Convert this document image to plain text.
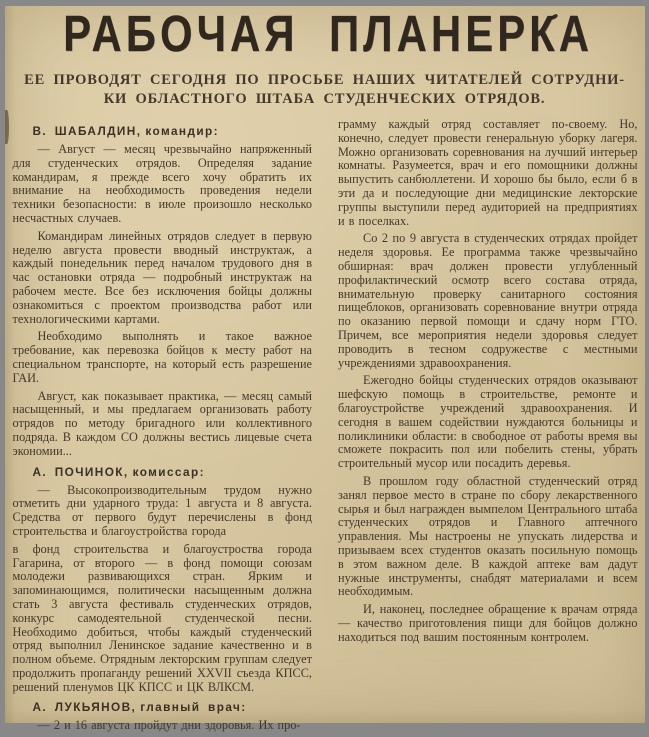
РАБОЧАЯ ПЛАНЕРКА
ЕЕ ПРОВОДЯТ СЕГОДНЯ ПО ПРОСЬБЕ НАШИХ ЧИТАТЕЛЕЙ СОТРУДНИ-
КИ ОБЛАСТНОГО ШТАБА СТУДЕНЧЕСКИХ ОТРЯДОВ.

В. ШАБАЛДИН, командир:

— Август — месяц чрезвычайно напряженный для студенческих отрядов. Определяя задание командирам, я прежде всего хочу обратить их внимание на необходимость проведения недели техники безопасности: в июле произошло несколько несчастных случаев.

Командирам линейных отрядов следует в первую неделю августа провести вводный инструктаж, а каждый понедельник перед началом трудового дня в час остановки отряда — подробный инструктаж на рабочем месте. Все без исключения бойцы должны ознакомиться с проектом производства работ или технологическими картами.

Необходимо выполнять и такое важное требование, как перевозка бойцов к месту работ на специальном транспорте, на который есть разрешение ГАИ.

Август, как показывает практика, — месяц самый насыщенный, и мы предлагаем организовать работу отрядов по методу бригадного или коллективного подряда. В каждом СО должны вестись лицевые счета экономии...

А. ПОЧИНОК, комиссар:

— Высокопроизводительным трудом нужно отметить дни ударного труда: 1 августа и 8 августа. Средства от первого будут перечислены в фонд строительства и благоустройства города

в фонд строительства и благоустроства города Гагарина, от второго — в фонд помощи союзам молодежи развивающихся стран. Ярким и запоминающимся, политически насыщенным должна стать 3 августа фестиваль студенческих отрядов, конкурс самодеятельной студенческой песни. Необходимо добиться, чтобы каждый студенческий отряд выполнил Ленинское задание качественно и в полном объеме. Отрядным лекторским группам следует продолжить пропаганду решений XXVII съезда КПСС, решений пленумов ЦК КПСС и ЦК ВЛКСМ.

А. ЛУКЬЯНОВ, главный врач:

— 2 и 16 августа пройдут дни здоровья. Их про-

грамму каждый отряд составляет по-своему. Но, конечно, следует провести генеральную уборку лагеря. Можно организовать соревнования на лучший интерьер комнаты. Разумеется, врач и его помощники должны выпустить санбюллетени. И хорошо бы было, если б в эти да и последующие дни медицинские лекторские группы выступили перед аудиторией на предприятиях и в поселках.

Со 2 по 9 августа в студенческих отрядах пройдет неделя здоровья. Ее программа также чрезвычайно обширная: врач должен провести углубленный профилактический осмотр всего состава отряда, внимательную проверку санитарного состояния пищеблоков, организовать соревнование внутри отряда по оказанию первой помощи и сдачу норм ГТО. Причем, все мероприятия недели здоровья следует проводить в тесном содружестве с местными учреждениями здравоохранения.

Ежегодно бойцы студенческих отрядов оказывают шефскую помощь в строительстве, ремонте и благоустройстве учреждений здравоохранения. И сегодня в вашем содействии нуждаются больницы и поликлиники области: в свободное от работы время вы сможете покрасить пол или побелить стены, убрать строительный мусор или посадить деревья.

В прошлом году областной студенческий отряд занял первое место в стране по сбору лекарственного сырья и был награжден вымпелом Центрального штаба студенческих отрядов и Главного аптечного управления. Мы настроены не упускать лидерства и призываем всех студентов оказать посильную помощь в этом важном деле. В каждой аптеке вам дадут нужные инструменты, снабдят материалами и всем необходимым.

И, наконец, последнее обращение к врачам отряда — качество приготовления пищи для бойцов должно находиться под вашим постоянным контролем.
